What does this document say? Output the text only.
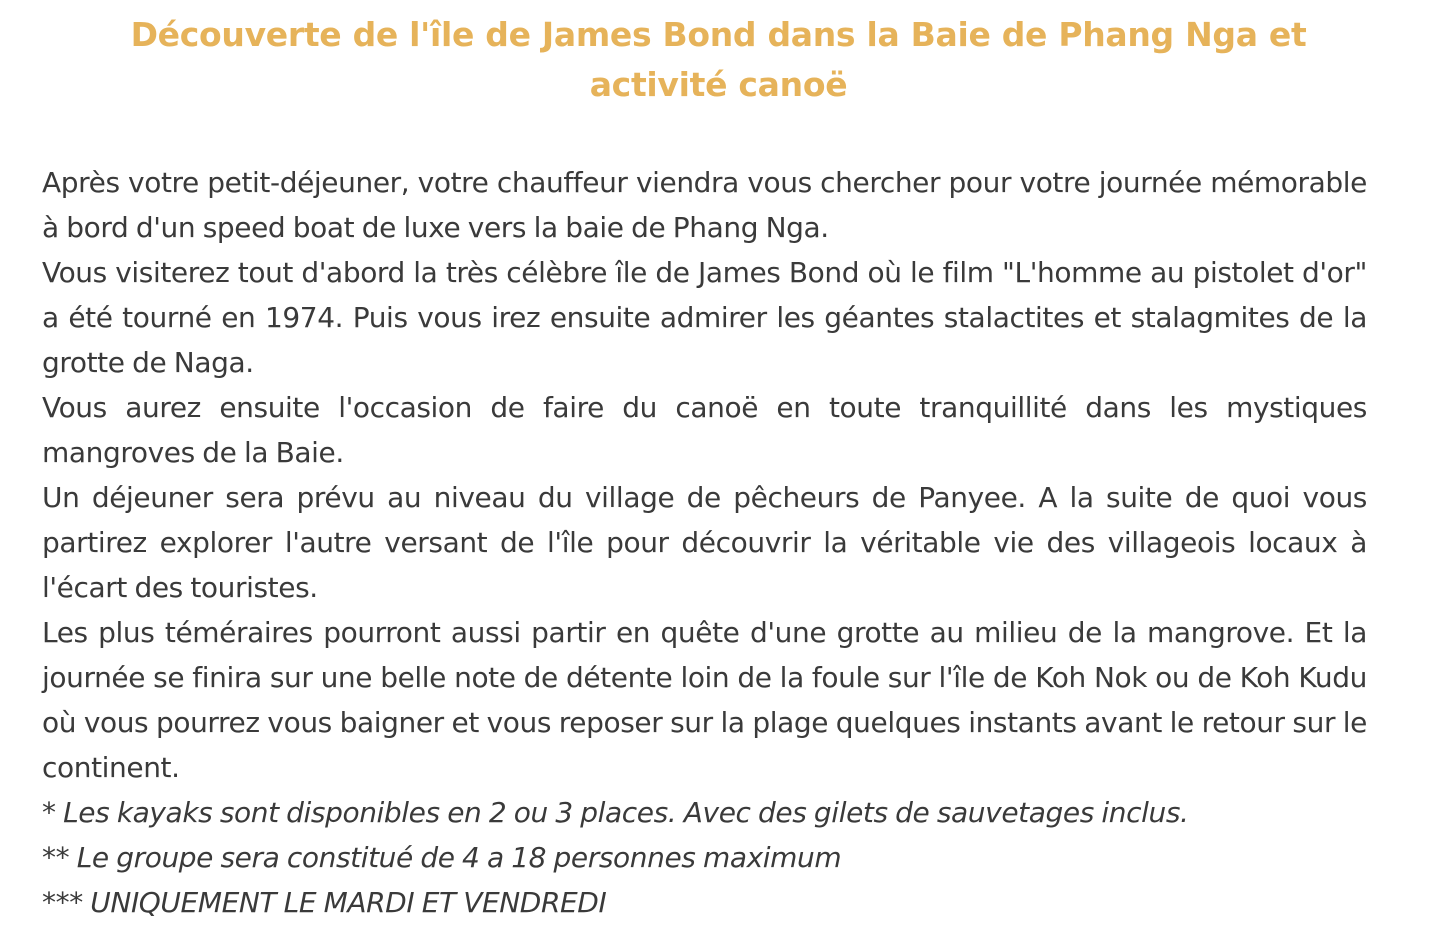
Découverte de l'île de James Bond dans la Baie de Phang Nga et activité canoë

Après votre petit-déjeuner, votre chauffeur viendra vous chercher pour votre journée mémorable à bord d'un speed boat de luxe vers la baie de Phang Nga.

Vous visiterez tout d'abord la très célèbre île de James Bond où le film "L'homme au pistolet d'or" a été tourné en 1974. Puis vous irez ensuite admirer les géantes stalactites et stalagmites de la grotte de Naga.

Vous aurez ensuite l'occasion de faire du canoë en toute tranquillité dans les mystiques mangroves de la Baie.

Un déjeuner sera prévu au niveau du village de pêcheurs de Panyee. A la suite de quoi vous partirez explorer l'autre versant de l'île pour découvrir la véritable vie des villageois locaux à l'écart des touristes.

Les plus téméraires pourront aussi partir en quête d'une grotte au milieu de la mangrove. Et la journée se finira sur une belle note de détente loin de la foule sur l'île de Koh Nok ou de Koh Kudu où vous pourrez vous baigner et vous reposer sur la plage quelques instants avant le retour sur le continent.

* Les kayaks sont disponibles en 2 ou 3 places. Avec des gilets de sauvetages inclus.

** Le groupe sera constitué de 4 a 18 personnes maximum

*** UNIQUEMENT LE MARDI ET VENDREDI
